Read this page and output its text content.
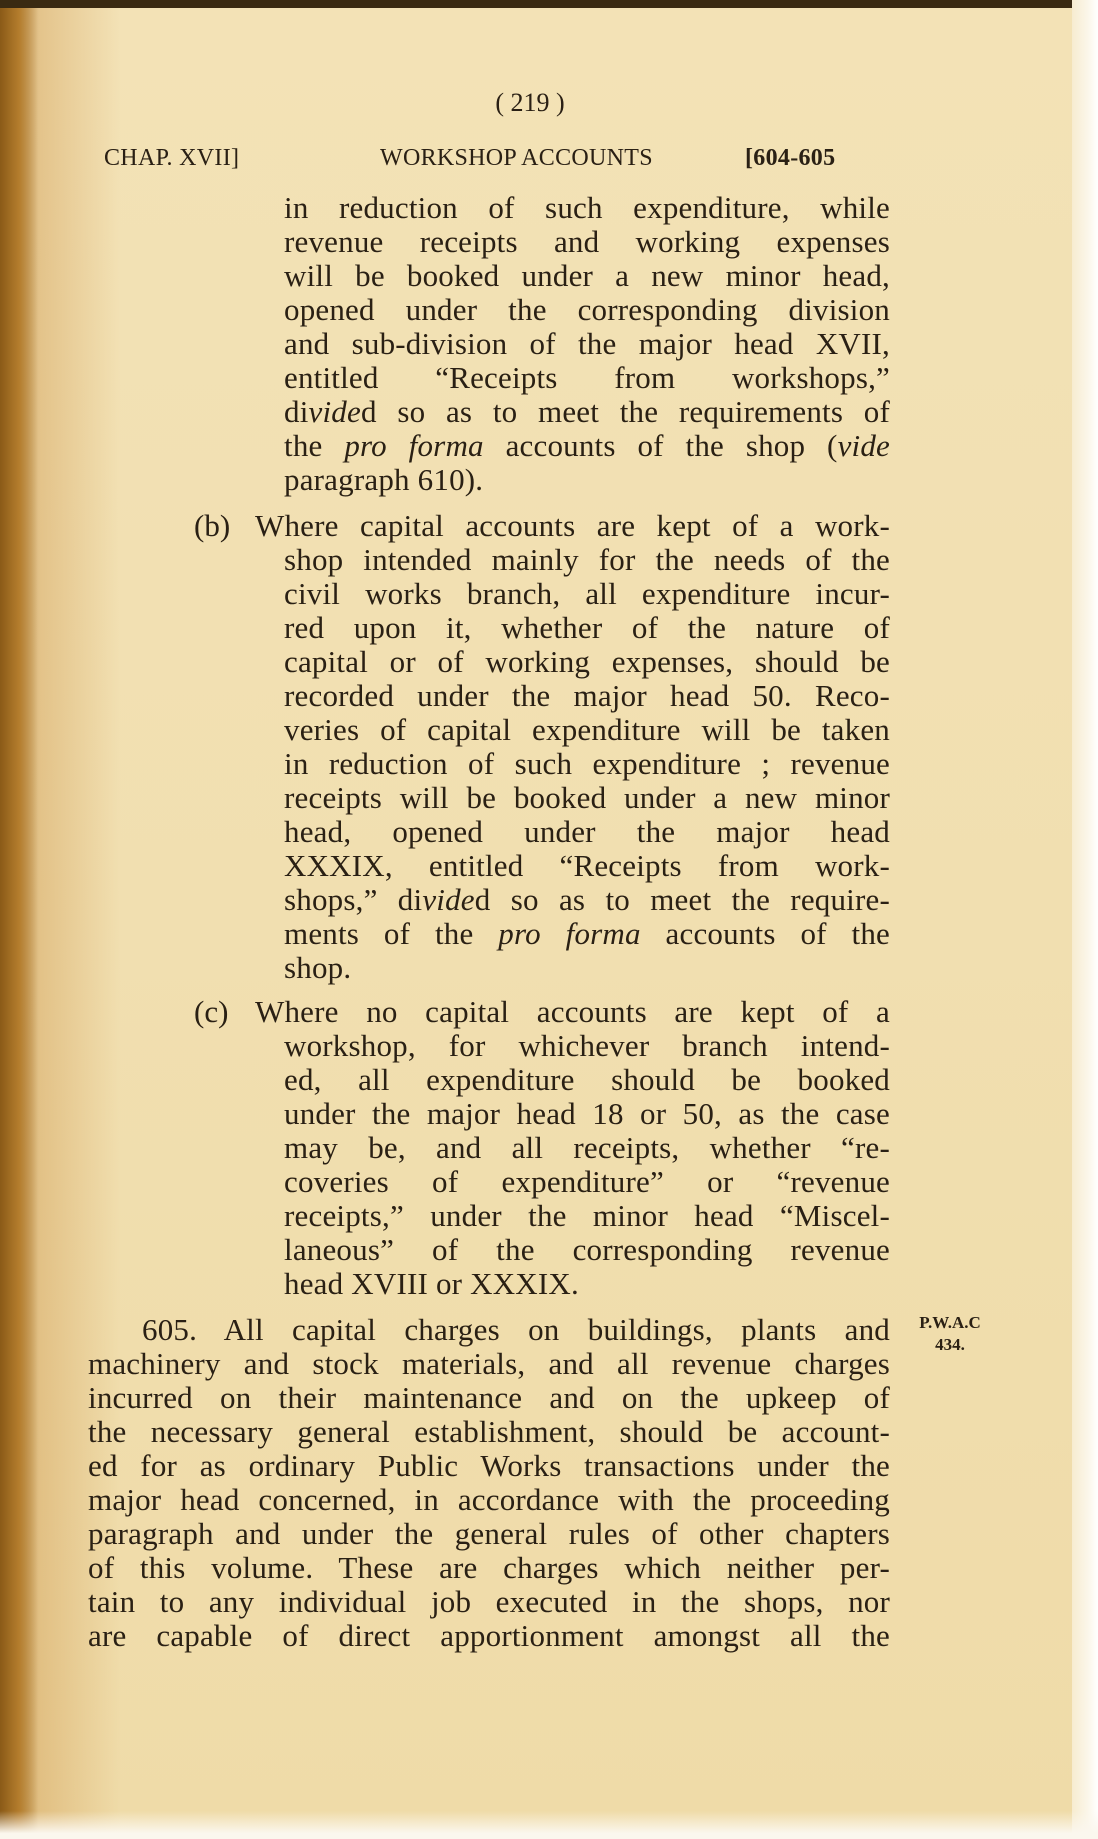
( 219 )
CHAP. XVII]	WORKSHOP ACCOUNTS	[604-605
in reduction of such expenditure, while
revenue receipts and working expenses
will be booked under a new minor head,
opened under the corresponding division
and sub-division of the major head XVII,
entitled “Receipts from workshops,”
divided so as to meet the requirements of
the pro forma accounts of the shop (vide
paragraph 610).
(b) Where capital accounts are kept of a work-
shop intended mainly for the needs of the
civil works branch, all expenditure incur-
red upon it, whether of the nature of
capital or of working expenses, should be
recorded under the major head 50. Reco-
veries of capital expenditure will be taken
in reduction of such expenditure ; revenue
receipts will be booked under a new minor
head, opened under the major head
XXXIX, entitled “Receipts from work-
shops,” divided so as to meet the require-
ments of the pro forma accounts of the
shop.
(c) Where no capital accounts are kept of a
workshop, for whichever branch intend-
ed, all expenditure should be booked
under the major head 18 or 50, as the case
may be, and all receipts, whether “re-
coveries of expenditure” or “revenue
receipts,” under the minor head “Miscel-
laneous” of the corresponding revenue
head XVIII or XXXIX.
605. All capital charges on buildings, plants and
machinery and stock materials, and all revenue charges
incurred on their maintenance and on the upkeep of
the necessary general establishment, should be account-
ed for as ordinary Public Works transactions under the
major head concerned, in accordance with the proceeding
paragraph and under the general rules of other chapters
of this volume. These are charges which neither per-
tain to any individual job executed in the shops, nor
are capable of direct apportionment amongst all the
P.W.A.C
434.
